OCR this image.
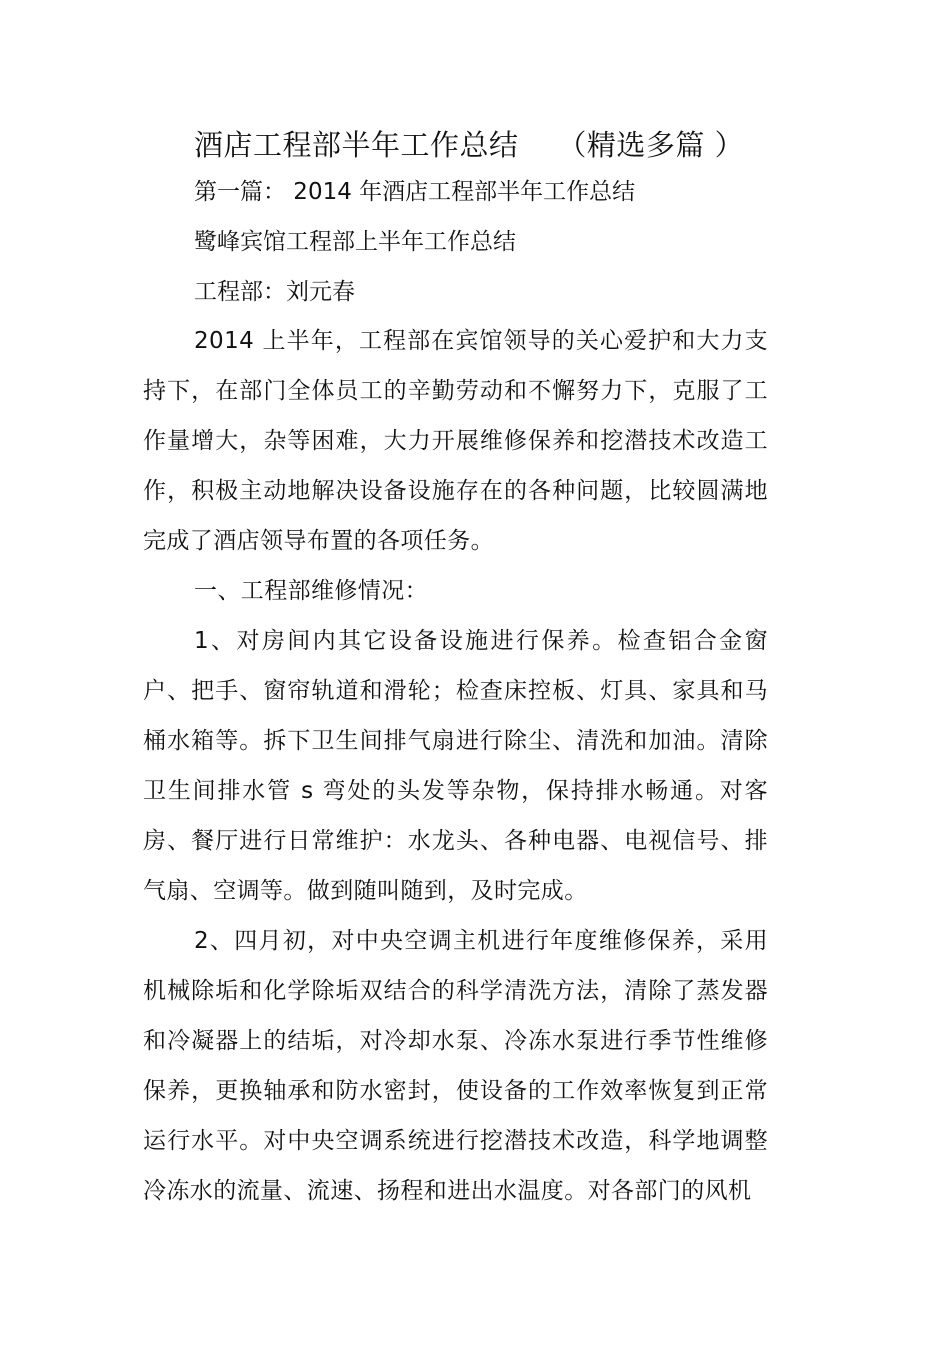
酒店工程部半年工作总结    （精选多篇 ）
第一篇： 2014 年酒店工程部半年工作总结
鹭峰宾馆工程部上半年工作总结
工程部：刘元春

2014 上半年，工程部在宾馆领导的关心爱护和大力支持下，在部门全体员工的辛勤劳动和不懈努力下，克服了工作量增大，杂等困难，大力开展维修保养和挖潜技术改造工作，积极主动地解决设备设施存在的各种问题，比较圆满地完成了酒店领导布置的各项任务。

一、工程部维修情况：

1、对房间内其它设备设施进行保养。检查铝合金窗户、把手、窗帘轨道和滑轮；检查床控板、灯具、家具和马桶水箱等。拆下卫生间排气扇进行除尘、清洗和加油。清除卫生间排水管 s 弯处的头发等杂物，保持排水畅通。对客房、餐厅进行日常维护：水龙头、各种电器、电视信号、排气扇、空调等。做到随叫随到，及时完成。

2、四月初，对中央空调主机进行年度维修保养，采用机械除垢和化学除垢双结合的科学清洗方法，清除了蒸发器和冷凝器上的结垢，对冷却水泵、冷冻水泵进行季节性维修保养，更换轴承和防水密封，使设备的工作效率恢复到正常运行水平。对中央空调系统进行挖潜技术改造，科学地调整冷冻水的流量、流速、扬程和进出水温度。对各部门的风机
